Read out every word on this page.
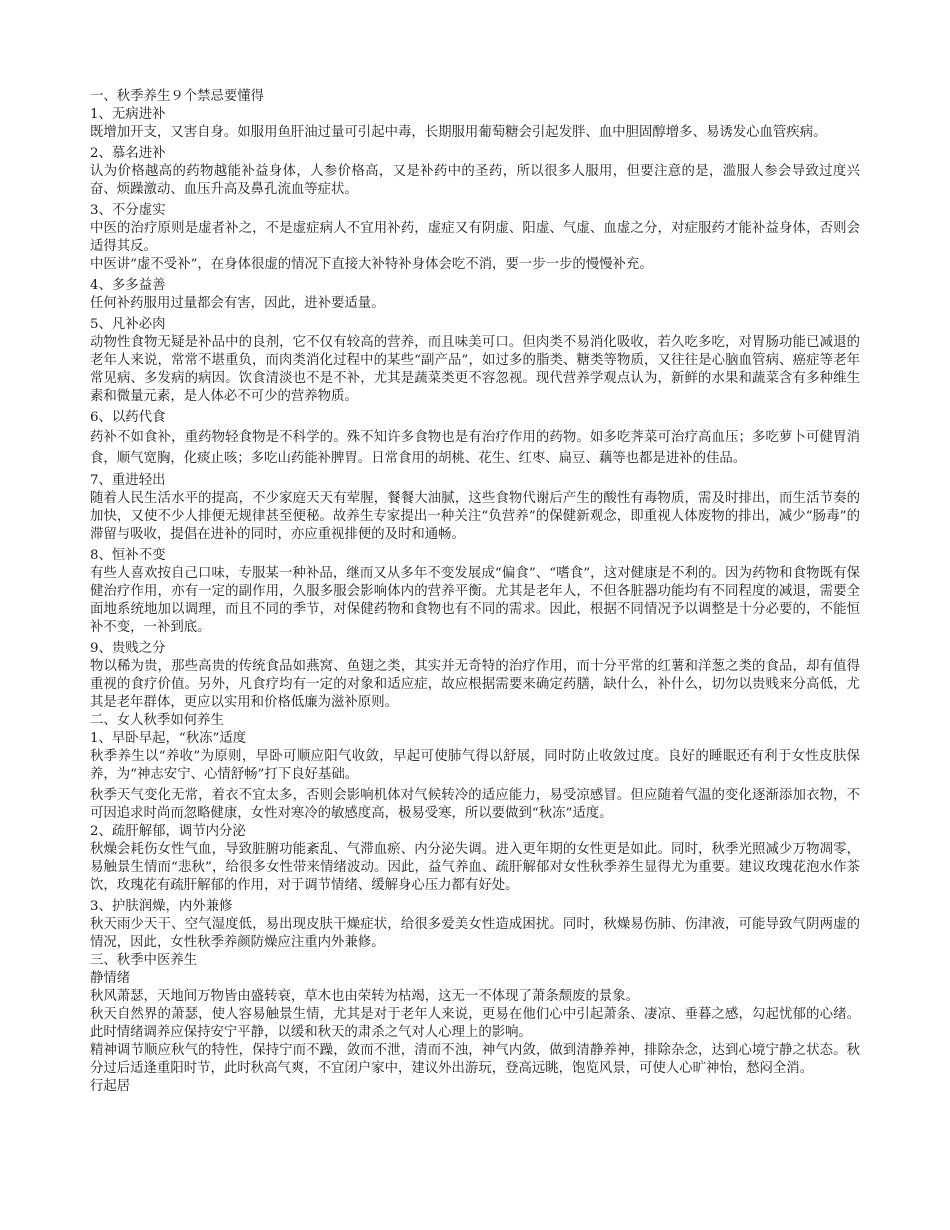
一、秋季养生９个禁忌要懂得
1、无病进补
既增加开支，又害自身。如服用鱼肝油过量可引起中毒，长期服用葡萄糖会引起发胖、血中胆固醇增多、易诱发心血管疾病。
2、慕名进补
认为价格越高的药物越能补益身体，人参价格高，又是补药中的圣药，所以很多人服用，但要注意的是，滥服人参会导致过度兴奋、烦躁激动、血压升高及鼻孔流血等症状。
3、不分虚实
中医的治疗原则是虚者补之，不是虚症病人不宜用补药，虚症又有阴虚、阳虚、气虚、血虚之分，对症服药才能补益身体，否则会适得其反。
中医讲“虚不受补”，在身体很虚的情况下直接大补特补身体会吃不消，要一步一步的慢慢补充。
4、多多益善
任何补药服用过量都会有害，因此，进补要适量。
5、凡补必肉
动物性食物无疑是补品中的良剂，它不仅有较高的营养，而且味美可口。但肉类不易消化吸收，若久吃多吃，对胃肠功能已减退的老年人来说，常常不堪重负，而肉类消化过程中的某些“副产品”，如过多的脂类、糖类等物质，又往往是心脑血管病、癌症等老年常见病、多发病的病因。饮食清淡也不是不补，尤其是蔬菜类更不容忽视。现代营养学观点认为，新鲜的水果和蔬菜含有多种维生素和微量元素，是人体必不可少的营养物质。
6、以药代食
药补不如食补，重药物轻食物是不科学的。殊不知许多食物也是有治疗作用的药物。如多吃荠菜可治疗高血压；多吃萝卜可健胃消食，顺气宽胸，化痰止咳；多吃山药能补脾胃。日常食用的胡桃、花生、红枣、扁豆、藕等也都是进补的佳品。
7、重进轻出
随着人民生活水平的提高，不少家庭天天有荤腥，餐餐大油腻，这些食物代谢后产生的酸性有毒物质，需及时排出，而生活节奏的加快，又使不少人排便无规律甚至便秘。故养生专家提出一种关注“负营养”的保健新观念，即重视人体废物的排出，减少“肠毒”的滞留与吸收，提倡在进补的同时，亦应重视排便的及时和通畅。
8、恒补不变
有些人喜欢按自己口味，专服某一种补品，继而又从多年不变发展成“偏食”、“嗜食”，这对健康是不利的。因为药物和食物既有保健治疗作用，亦有一定的副作用，久服多服会影响体内的营养平衡。尤其是老年人，不但各脏器功能均有不同程度的减退，需要全面地系统地加以调理，而且不同的季节，对保健药物和食物也有不同的需求。因此，根据不同情况予以调整是十分必要的，不能恒补不变，一补到底。
9、贵贱之分
物以稀为贵，那些高贵的传统食品如燕窝、鱼翅之类，其实并无奇特的治疗作用，而十分平常的红薯和洋葱之类的食品，却有值得重视的食疗价值。另外，凡食疗均有一定的对象和适应症，故应根据需要来确定药膳，缺什么，补什么，切勿以贵贱来分高低，尤其是老年群体，更应以实用和价格低廉为滋补原则。
二、女人秋季如何养生
1、早卧早起，“秋冻”适度
秋季养生以“养收”为原则，早卧可顺应阳气收敛，早起可使肺气得以舒展，同时防止收敛过度。良好的睡眠还有利于女性皮肤保养，为“神志安宁、心情舒畅”打下良好基础。
秋季天气变化无常，着衣不宜太多，否则会影响机体对气候转冷的适应能力，易受凉感冒。但应随着气温的变化逐渐添加衣物，不可因追求时尚而忽略健康，女性对寒冷的敏感度高，极易受寒，所以要做到“秋冻”适度。
2、疏肝解郁，调节内分泌
秋燥会耗伤女性气血，导致脏腑功能紊乱、气滞血瘀、内分泌失调。进入更年期的女性更是如此。同时，秋季光照减少万物凋零，易触景生情而“悲秋”，给很多女性带来情绪波动。因此，益气养血、疏肝解郁对女性秋季养生显得尤为重要。建议玫瑰花泡水作茶饮，玫瑰花有疏肝解郁的作用，对于调节情绪、缓解身心压力都有好处。
3、护肤润燥，内外兼修
秋天雨少天干、空气湿度低，易出现皮肤干燥症状，给很多爱美女性造成困扰。同时，秋燥易伤肺、伤津液，可能导致气阴两虚的情况，因此，女性秋季养颜防燥应注重内外兼修。
三、秋季中医养生
静情绪
秋风萧瑟，天地间万物皆由盛转衰，草木也由荣转为枯竭，这无一不体现了萧条颓废的景象。
秋天自然界的萧瑟，使人容易触景生情，尤其是对于老年人来说，更易在他们心中引起萧条、凄凉、垂暮之感，勾起忧郁的心绪。此时情绪调养应保持安宁平静，以缓和秋天的肃杀之气对人心理上的影响。
精神调节顺应秋气的特性，保持宁而不躁，敛而不泄，清而不浊，神气内敛，做到清静养神，排除杂念，达到心境宁静之状态。秋分过后适逢重阳时节，此时秋高气爽，不宜闭户家中，建议外出游玩，登高远眺，饱览风景，可使人心旷神怡，愁闷全消。
行起居
